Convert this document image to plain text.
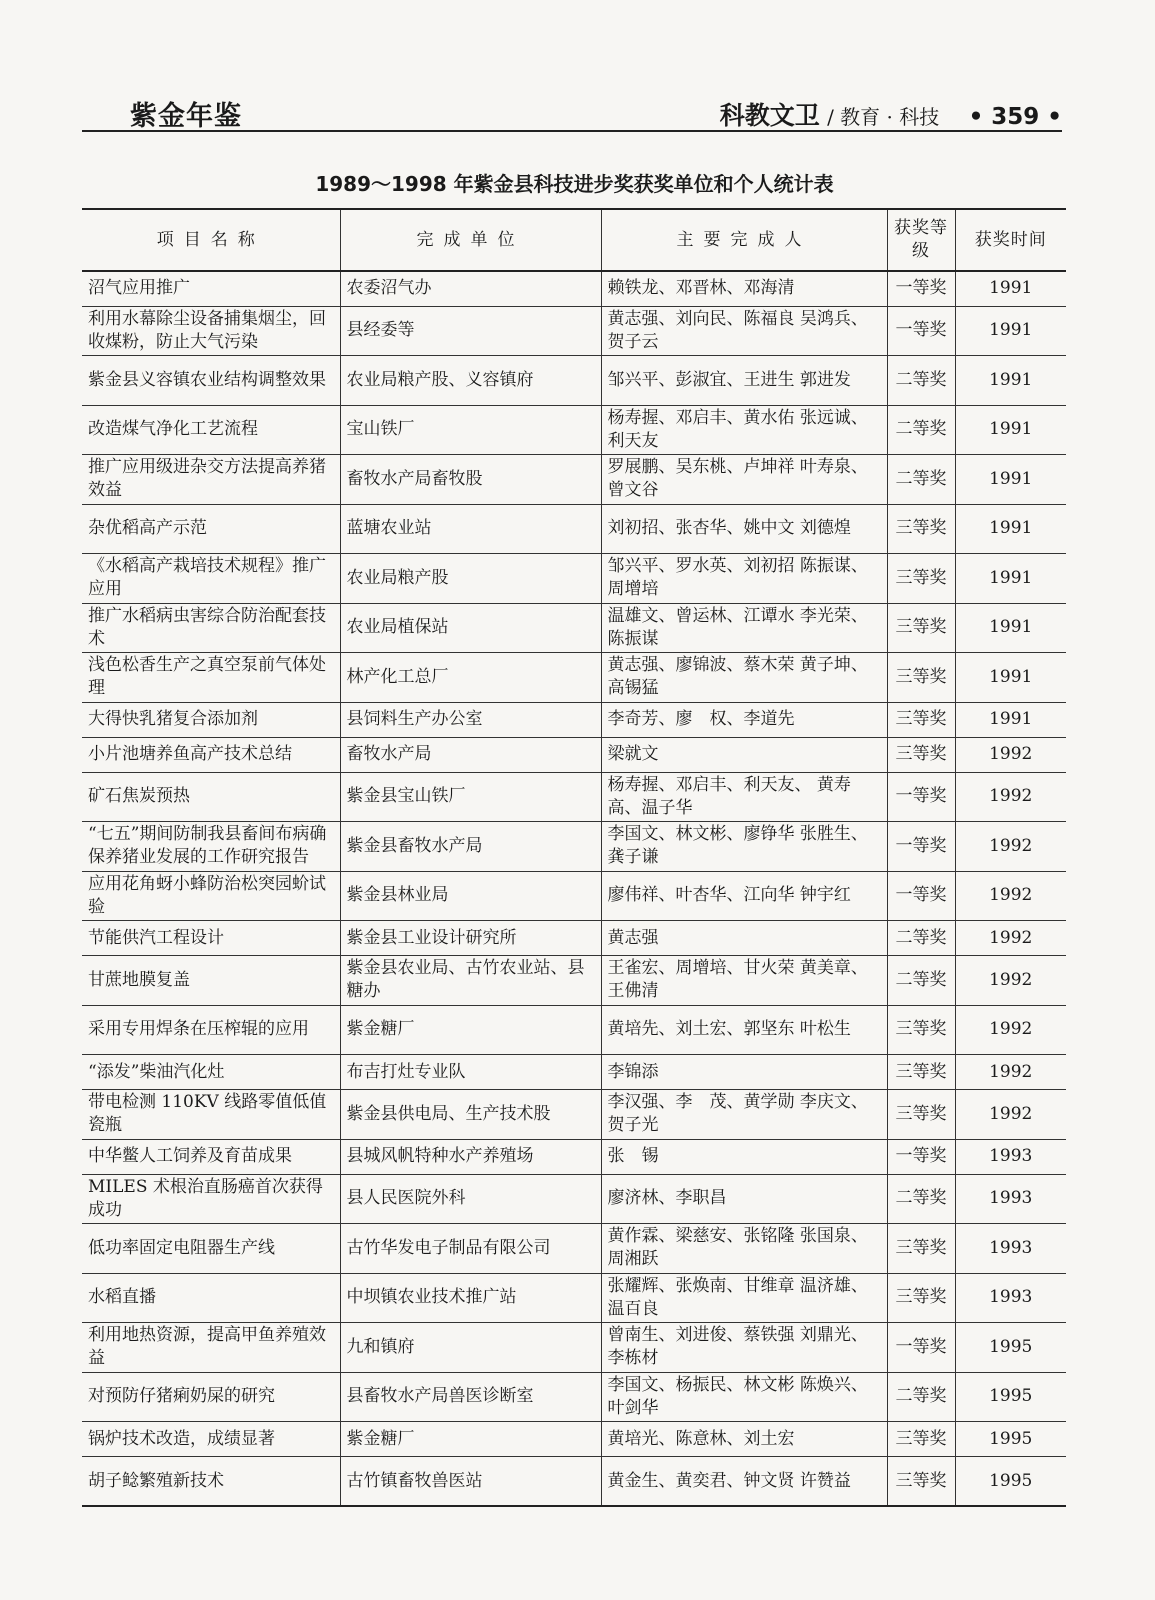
紫金年鉴	科教文卫 / 教育 · 科技 • 359 •
1989～1998 年紫金县科技进步奖获奖单位和个人统计表
项目名称	完成单位	主要完成人	获奖等级	获奖时间
沼气应用推广	农委沼气办	赖铁龙、邓晋林、邓海清	一等奖	1991
利用水幕除尘设备捕集烟尘，回收煤粉，防止大气污染	县经委等	黄志强、刘向民、陈福良 吴鸿兵、贺子云	一等奖	1991
紫金县义容镇农业结构调整效果	农业局粮产股、义容镇府	邹兴平、彭淑宜、王进生 郭进发	二等奖	1991
改造煤气净化工艺流程	宝山铁厂	杨寿握、邓启丰、黄水佑 张远诚、利天友	二等奖	1991
推广应用级进杂交方法提高养猪效益	畜牧水产局畜牧股	罗展鹏、吴东桃、卢坤祥 叶寿泉、曾文谷	二等奖	1991
杂优稻高产示范	蓝塘农业站	刘初招、张杏华、姚中文 刘德煌	三等奖	1991
《水稻高产栽培技术规程》推广应用	农业局粮产股	邹兴平、罗水英、刘初招 陈振谋、周增培	三等奖	1991
推广水稻病虫害综合防治配套技术	农业局植保站	温雄文、曾运林、江谭水 李光荣、陈振谋	三等奖	1991
浅色松香生产之真空泵前气体处理	林产化工总厂	黄志强、廖锦波、蔡木荣 黄子坤、高锡猛	三等奖	1991
大得快乳猪复合添加剂	县饲料生产办公室	李奇芳、廖　权、李道先	三等奖	1991
小片池塘养鱼高产技术总结	畜牧水产局	梁就文	三等奖	1992
矿石焦炭预热	紫金县宝山铁厂	杨寿握、邓启丰、利天友、 黄寿高、温子华	一等奖	1992
“七五”期间防制我县畜间布病确保养猪业发展的工作研究报告	紫金县畜牧水产局	李国文、林文彬、廖铮华 张胜生、龚子谦	一等奖	1992
应用花角蚜小蜂防治松突园蚧试验	紫金县林业局	廖伟祥、叶杏华、江向华 钟宇红	一等奖	1992
节能供汽工程设计	紫金县工业设计研究所	黄志强	二等奖	1992
甘蔗地膜复盖	紫金县农业局、古竹农业站、县糖办	王雀宏、周增培、甘火荣 黄美章、王佛清	二等奖	1992
采用专用焊条在压榨辊的应用	紫金糖厂	黄培先、刘土宏、郭坚东 叶松生	三等奖	1992
“添发”柴油汽化灶	布吉打灶专业队	李锦添	三等奖	1992
带电检测 110KV 线路零值低值瓷瓶	紫金县供电局、生产技术股	李汉强、李　茂、黄学勋 李庆文、贺子光	三等奖	1992
中华鳖人工饲养及育苗成果	县城风帆特种水产养殖场	张　锡	一等奖	1993
MILES 术根治直肠癌首次获得成功	县人民医院外科	廖济林、李职昌	二等奖	1993
低功率固定电阻器生产线	古竹华发电子制品有限公司	黄作霖、梁慈安、张铭隆 张国泉、周湘跃	三等奖	1993
水稻直播	中坝镇农业技术推广站	张耀辉、张焕南、甘维章 温济雄、温百良	三等奖	1993
利用地热资源，提高甲鱼养殖效益	九和镇府	曾南生、刘进俊、蔡铁强 刘鼎光、李栋材	一等奖	1995
对预防仔猪痢奶屎的研究	县畜牧水产局兽医诊断室	李国文、杨振民、林文彬 陈焕兴、叶剑华	二等奖	1995
锅炉技术改造，成绩显著	紫金糖厂	黄培光、陈意林、刘土宏	三等奖	1995
胡子鲶繁殖新技术	古竹镇畜牧兽医站	黄金生、黄奕君、钟文贤 许赞益	三等奖	1995
